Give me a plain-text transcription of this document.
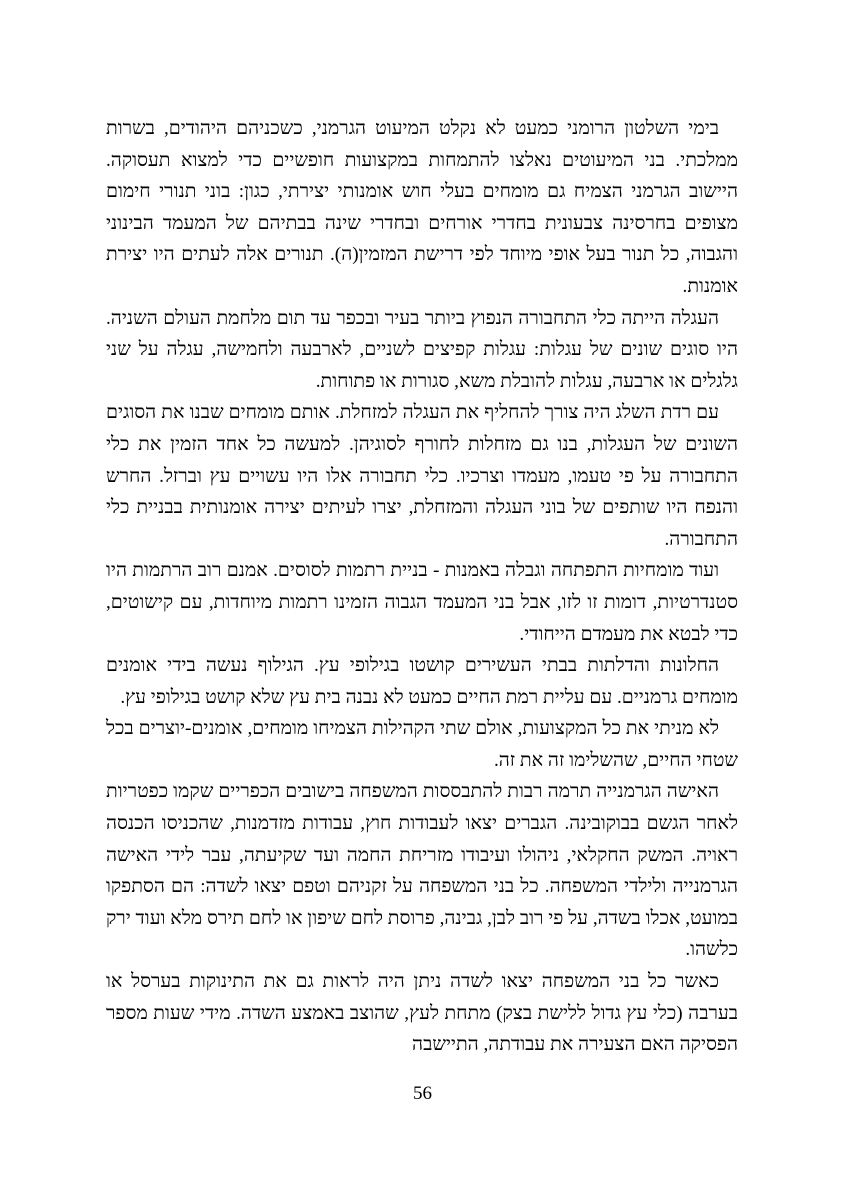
בימי השלטון הרומני כמעט לא נקלט המיעוט הגרמני, כשכניהם היהודים, בשרות ממלכתי. בני המיעוטים נאלצו להתמחות במקצועות חופשיים כדי למצוא תעסוקה. היישוב הגרמני הצמיח גם מומחים בעלי חוש אומנותי יצירתי, כגון: בוני תנורי חימום מצופים בחרסינה צבעונית בחדרי אורחים ובחדרי שינה בבתיהם של המעמד הבינוני והגבוה, כל תנור בעל אופי מיוחד לפי דרישת המזמין(ה). תנורים אלה לעתים היו יצירת אומנות.

העגלה הייתה כלי התחבורה הנפוץ ביותר בעיר ובכפר עד תום מלחמת העולם השניה. היו סוגים שונים של עגלות: עגלות קפיצים לשניים, לארבעה ולחמישה, עגלה על שני גלגלים או ארבעה, עגלות להובלת משא, סגורות או פתוחות.

עם רדת השלג היה צורך להחליף את העגלה למזחלת. אותם מומחים שבנו את הסוגים השונים של העגלות, בנו גם מזחלות לחורף לסוגיהן. למעשה כל אחד הזמין את כלי התחבורה על פי טעמו, מעמדו וצרכיו. כלי תחבורה אלו היו עשויים עץ וברזל. החרש והנפח היו שותפים של בוני העגלה והמזחלת, יצרו לעיתים יצירה אומנותית בבניית כלי התחבורה.

ועוד מומחיות התפתחה וגבלה באמנות - בניית רתמות לסוסים. אמנם רוב הרתמות היו סטנדרטיות, דומות זו לזו, אבל בני המעמד הגבוה הזמינו רתמות מיוחדות, עם קישוטים, כדי לבטא את מעמדם הייחודי.

החלונות והדלתות בבתי העשירים קושטו בגילופי עץ. הגילוף נעשה בידי אומנים מומחים גרמניים. עם עליית רמת החיים כמעט לא נבנה בית עץ שלא קושט בגילופי עץ.

לא מניתי את כל המקצועות, אולם שתי הקהילות הצמיחו מומחים, אומנים-יוצרים בכל שטחי החיים, שהשלימו זה את זה.

האישה הגרמנייה תרמה רבות להתבססות המשפחה בישובים הכפריים שקמו כפטריות לאחר הגשם בבוקובינה. הגברים יצאו לעבודות חוץ, עבודות מזדמנות, שהכניסו הכנסה ראויה. המשק החקלאי, ניהולו ועיבודו מזריחת החמה ועד שקיעתה, עבר לידי האישה הגרמנייה ולילדי המשפחה. כל בני המשפחה על זקניהם וטפם יצאו לשדה: הם הסתפקו במועט, אכלו בשדה, על פי רוב לבן, גבינה, פרוסת לחם שיפון או לחם תירס מלא ועוד ירק כלשהו.

כאשר כל בני המשפחה יצאו לשדה ניתן היה לראות גם את התינוקות בערסל או בערבה (כלי עץ גדול ללישת בצק) מתחת לעץ, שהוצב באמצע השדה. מידי שעות מספר הפסיקה האם הצעירה את עבודתה, התיישבה

56
